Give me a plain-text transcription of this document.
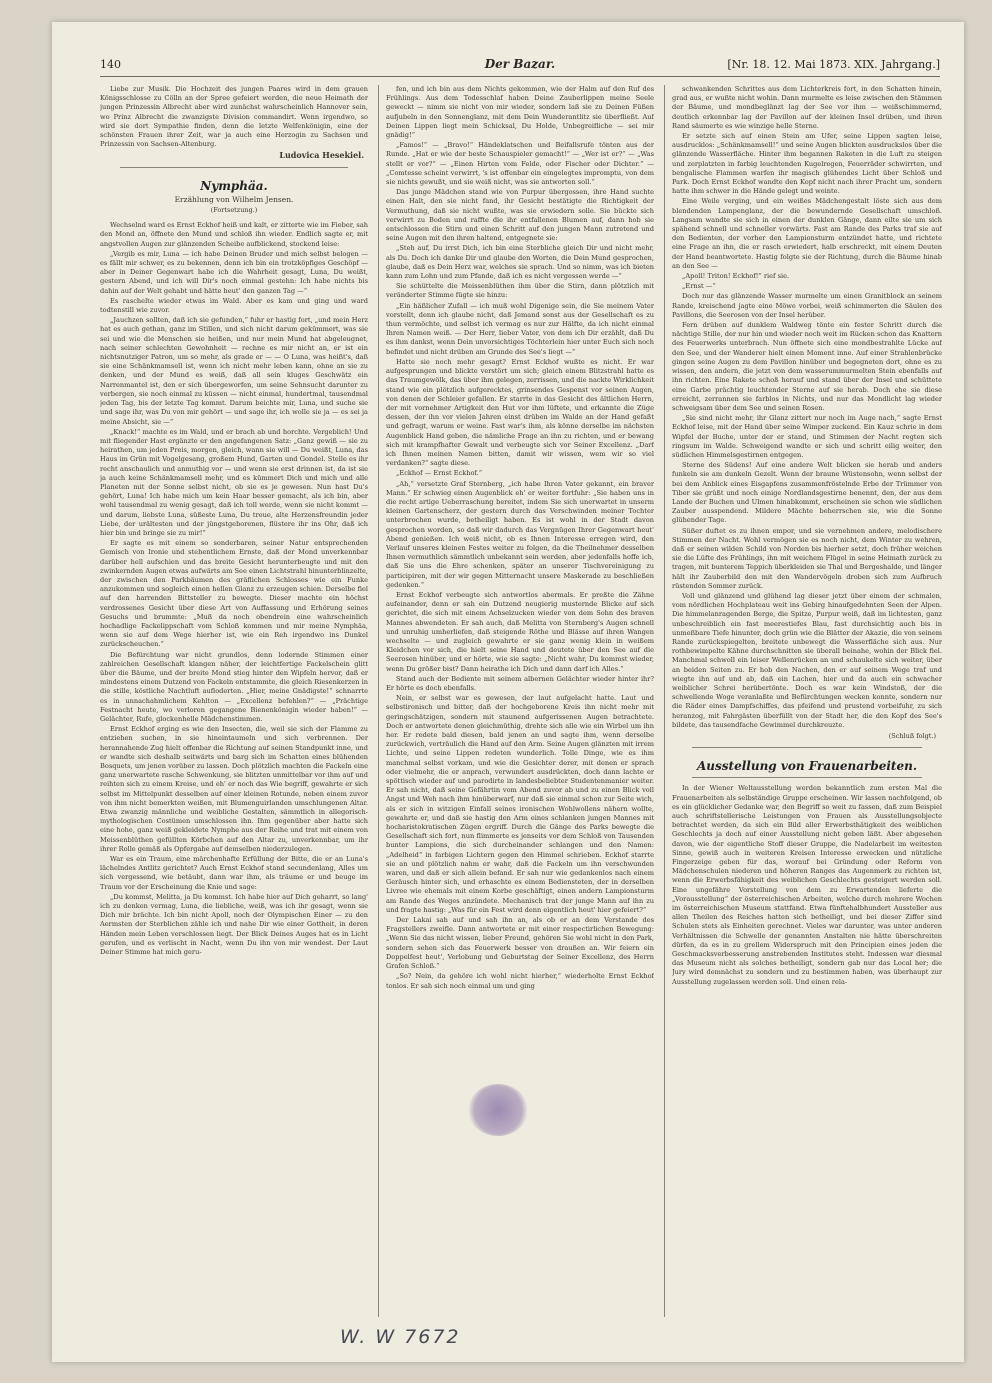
140	Der Bazar.	[Nr. 18. 12. Mai 1873. XIX. Jahrgang.]

Liebe zur Musik. Die Hochzeit des jungen Paares wird in dem grauen Königsschlosse zu Cölln an der Spree gefeiert werden, die neue Heimath der jungen Prinzessin Albrecht aber wird zunächst wahrscheinlich Hannover sein, wo Prinz Albrecht die zwanzigste Division commandirt. Wenn irgendwo, so wird sie dort Sympathie finden, denn die letzte Welfenkönigin, eine der schönsten Frauen ihrer Zeit, war ja auch eine Herzogin zu Sachsen und Prinzessin von Sachsen-Altenburg.

Ludovica Hesekiel.
Nymphäa.
Erzählung von Wilhelm Jensen.
(Fortsetzung.)

Wechselnd ward es Ernst Eckhof heiß und kalt, er zitterte wie im Fieber, sah den Mond an, öffnete den Mund und schloß ihn wieder. Endlich sagte er, mit angstvollen Augen zur glänzenden Scheibe aufblickend, stockend leise:

„Vergib es mir, Luna — ich habe Deinen Bruder und mich selbst belogen — es fällt mir schwer, es zu bekennen, denn ich bin ein trotzköpfiges Geschöpf — aber in Deiner Gegenwart habe ich die Wahrheit gesagt, Luna, Du weißt, gestern Abend, und ich will Dir's noch einmal gestehn: Ich habe nichts bis dahin auf der Welt gehabt und hätte heut' den ganzen Tag —“

Es raschelte wieder etwas im Wald. Aber es kam und ging und ward todtenstill wie zuvor.

„Jauchzen sollten, daß ich sie gefunden,“ fuhr er hastig fort, „und mein Herz hat es auch gethan, ganz im Stillen, und sich nicht darum gekümmert, was sie sei und wie die Menschen sie heißen, und nur mein Mund hat abgeleugnet, nach seiner schlechten Gewohnheit — rechne es mir nicht an, er ist ein nichtsnutziger Patron, um so mehr, als grade er — — O Luna, was heißt's, daß sie eine Schänkmamsell ist, wenn ich nicht mehr leben kann, ohne an sie zu denken, und der Mund es weiß, daß all sein kluges Geschwätz ein Narrenmantel ist, den er sich übergeworfen, um seine Sehnsucht darunter zu verbergen, sie noch einmal zu küssen — nicht einmal, hundertmal, tausendmal jeden Tag, bis der letzte Tag kommt. Darum beichte mir, Luna, und suche sie und sage ihr, was Du von mir gehört — und sage ihr, ich wolle sie ja — es sei ja meine Absicht, sie —“

„Knack!“ machte es im Wald, und er brach ab und horchte. Vergeblich! Und mit fliegender Hast ergänzte er den angefangenen Satz: „Ganz gewiß — sie zu heirathen, um jeden Preis, morgen, gleich, wann sie will — Du weißt, Luna, das Haus im Grün mit Vogelgesang, großem Hund, Garten und Gondel. Stelle es ihr recht anschaulich und anmuthig vor — und wenn sie erst drinnen ist, da ist sie ja auch keine Schänkmamsell mehr, und es kümmert Dich und mich und alle Planeten mit der Sonne selbst nicht, ob sie es je gewesen. Nun hast Du's gehört, Luna! Ich habe mich um kein Haar besser gemacht, als ich bin, aber wohl tausendmal zu wenig gesagt, daß ich toll werde, wenn sie nicht kommt — und darum, liebste Luna, süßeste Luna, Du treue, alte Herzensfreundin jeder Liebe, der urältesten und der jüngstgeborenen, flüstere ihr ins Ohr, daß ich hier bin und bringe sie zu mir!“

Er sagte es mit einem so sonderbaren, seiner Natur entsprechenden Gemisch von Ironie und stehentlichem Ernste, daß der Mond unverkennbar darüber hell aufschien und das breite Gesicht herunterbeugte und mit den zwinkernden Augen etwas aufwärts am See einen Lichtstrahl hinunterblinzelte, der zwischen den Parkbäumen des gräflichen Schlosses wie ein Funke anzukommen und sogleich einen hellen Glanz zu erzeugen schien. Derselbe fiel auf den harrenden Bittsteller zu bewegte. Dieser machte ein höchst verdrossenes Gesicht über diese Art von Auffassung und Erhörung seines Gesuchs und brummte: „Muß da noch obendrein eine wahrscheinlich hochadlige Fackelippschaft vom Schloß kommen und mir meine Nymphäa, wenn sie auf dem Wege hierher ist, wie ein Reh irgendwo ins Dunkel zurückscheuchen.“

Die Befürchtung war nicht grundlos, denn lodernde Stimmen einer zahlreichen Gesellschaft klangen näher, der leichtfertige Fackelschein glitt über die Bäume, und der breite Mond stieg hinter den Wipfeln hervor, daß er mindestens einem Dutzend von Fackeln entstammte, die gleich Riesenkerzen in die stille, köstliche Nachtluft aufloderten. „Hier, meine Gnädigste!“ schnarrte es in unnachahmlichem Kehlton — „Excellenz befehlen?“ — „Prächtige Festnacht heute, wo verloren gegangene Bienenkönigin wieder haben!“ — Gelächter, Rufe, glockenhelle Mädchenstimmen.

Ernst Eckhof erging es wie den Insecten, die, weil sie sich der Flamme zu entziehen suchen, in sie hineintaumeln und sich verbrennen. Der herannahende Zug hielt offenbar die Richtung auf seinen Standpunkt inne, und er wandte sich deshalb seitwärts und barg sich im Schatten eines blühenden Bosquets, um jenen vorüber zu lassen. Doch plötzlich machten die Fackeln eine ganz unerwartete rasche Schwenkung, sie blitzten unmittelbar vor ihm auf und reihten sich zu einem Kreise, und eh' er noch das Wie begriff, gewahrte er sich selbst im Mittelpunkt desselben auf einer kleinen Rotunde, neben einem zuvor von ihm nicht bemerkten weißen, mit Blumenguirlanden umschlungenen Altar. Etwa zwanzig männliche und weibliche Gestalten, sämmtlich in allegorisch-mythologischen Costümen umschlossen ihn. Ihm gegenüber aber hatte sich eine hohe, ganz weiß gekleidete Nymphe aus der Reihe und trat mit einem von Meissenblüthen gefüllten Körbchen auf den Altar zu, unverkennbar, um ihr ihrer Rolle gemäß als Opfergabe auf demselben niederzulegen.

War es ein Traum, eine märchenhafte Erfüllung der Bitte, die er an Luna's lächelndes Antlitz gerichtet? Auch Ernst Eckhof stand secundenlang, Alles um sich vergessend, wie betäubt, dann war ihm, als träume er und beuge im Traum vor der Erscheinung die Knie und sage:

„Du kommst, Melitta, ja Du kommst. Ich habe hier auf Dich geharrt, so lang' ich zu denken vermag, Luna, die liebliche, weiß, was ich ihr gesagt, wenn sie Dich mir brächte. Ich bin nicht Apoll, noch der Olympischen Einer — zu den Aermsten der Sterblichen zähle ich und nahe Dir wie einer Gottheit, in deren Händen mein Leben verschlossen liegt. Der Blick Deines Auges hat es in Licht gerufen, und es verlischt in Nacht, wenn Du ihn von mir wendest. Der Laut Deiner Stimme hat mich geru-

fen, und ich bin aus dem Nichts gekommen, wie der Halm auf den Ruf des Frühlings. Aus dem Todesschlaf haben Deine Zauberlippen meine Seele geweckt — nimm sie nicht von mir wieder, sondern laß sie zu Deinen Füßen aufjubeln in den Sonnenglanz, mit dem Dein Wunderantlitz sie überfließt. Auf Deinen Lippen liegt mein Schicksal, Du Holde, Unbegreifliche — sei mir gnädig!“

„Famos!“ — „Bravo!“ Händeklatschen und Beifallsrufe tönten aus der Runde. „Hat er wie der beste Schauspieler gemacht!“ — „Wer ist er?“ — „Was stellt er vor?“ — „Einen Hirten vom Felde, oder Fischer oder Dichter.“ — „Comtesse scheint verwirrt, 's ist offenbar ein eingelegtes impromptu, von dem sie nichts gewußt, und sie weiß nicht, was sie antworten soll.“

Das junge Mädchen stand wie von Purpur übergossen, ihre Hand suchte einen Halt, den sie nicht fand, ihr Gesicht bestätigte die Richtigkeit der Vermuthung, daß sie nicht wußte, was sie erwiedern solle. Sie bückte sich verwirrt zu Boden und raffte die ihr entfallenen Blumen auf, dann hob sie entschlossen die Stirn und einen Schritt auf den jungen Mann zutretend und seine Augen mit den ihren haltend, entgegnete sie:

„Steh auf, Du irrst Dich, ich bin eine Sterbliche gleich Dir und nicht mehr, als Du. Doch ich danke Dir und glaube den Worten, die Dein Mund gesprochen, glaube, daß es Dein Herz war, welches sie sprach. Und so nimm, was ich bieten kann zum Lohn und zum Pfande, daß ich es nicht vergessen werde —“

Sie schüttelte die Meissenblüthen ihm über die Stirn, dann plötzlich mit veränderter Stimme fügte sie hinzu:

„Ein häßlicher Zufall — ich muß wohl Digenige sein, die Sie meinem Vater vorstellt, denn ich glaube nicht, daß Jemand sonst aus der Gesellschaft es zu thun vermöchte, und selbst ich vermag es nur zur Hälfte, da ich nicht einmal Ihren Namen weiß. — Der Herr, lieber Vater, von dem ich Dir erzählt, daß Du es ihm dankst, wenn Dein unvorsichtiges Töchterlein hier unter Euch sich noch befindet und nicht drüben am Grunde des See's liegt —“

Hatte sie noch mehr gesagt? Ernst Eckhof wußte es nicht. Er war aufgesprungen und blickte verstört um sich; gleich einem Blitzstrahl hatte es das Traumgewölk, das über ihm gelegen, zerrissen, und die nackte Wirklichkeit stand wie ein plötzlich aufgerecktes, grinsendes Gespenst vor seinen Augen, von denen der Schleier gefallen. Er starrte in das Gesicht des ältlichen Herrn, der mit vornehmer Artigkeit den Hut vor ihm lüftete, und erkannte die Züge dessen, der ihn vor vielen Jahren einst drüben im Walde an der Hand gefaßt und gefragt, warum er weine. Fast war's ihm, als könne derselbe im nächsten Augenblick Hand geben, die nämliche Frage an ihn zu richten, und er bewang sich mit krampfhafter Gewalt und verbeugte sich vor Seiner Excellenz. „Darf ich Ihnen meinen Namen bitten, damit wir wissen, wem wir so viel verdanken?“ sagte diese.

„Eckhof — Ernst Eckhof.“

„Ah,“ versetzte Graf Sternberg, „ich habe Ihren Vater gekannt, ein braver Mann.“ Er schwieg einen Augenblick eh' er weiter fortfuhr: „Sie haben uns in die recht artige Ueberraschung bereitet, indem Sie sich unerwartet in unserm kleinen Gartenscherz, der gestern durch das Verschwinden meiner Tochter unterbrochen wurde, betheiligt haben. Es ist wohl in der Stadt davon gesprochen worden, so daß wir dadurch das Vergnügen Ihrer Gegenwart heut' Abend genießen. Ich weiß nicht, ob es Ihnen Interesse erregen wird, den Verlauf unseres kleinen Festes weiter zu folgen, da die Theilnehmer desselben Ihnen vermuthlich sämmtlich unbekannt sein werden, aber jedenfalls hoffe ich, daß Sie uns die Ehre schenken, später an unserer Tischvereinigung zu participiren, mit der wir gegen Mitternacht unsere Maskerade zu beschließen gedenken.“

Ernst Eckhof verbeugte sich antwortlos abermals. Er preßte die Zähne aufeinander, denn er sah ein Dutzend neugierig musternde Blicke auf sich gerichtet, die sich mit einem Achselzucken wieder von dem Sohn des braven Mannes abwendeten. Er sah auch, daß Melitta von Sternberg's Augen schnell und unruhig umherliefen, daß steigende Röthe und Blässe auf ihren Wangen wechselte — und zugleich gewahrte er sie ganz wenig klein in weißem Kleidchen vor sich, die hielt seine Hand und deutete über den See auf die Seerosen hinüber, und er hörte, wie sie sagte: „Nicht wahr, Du kommst wieder, wenn Du größer bist? Dann heirathe ich Dich und dann darf ich Alles.“

Stand auch der Bediente mit seinem albernen Gelächter wieder hinter ihr? Er hörte es doch ebenfalls.

Nein, er selbst war es gewesen, der laut aufgelacht hatte. Laut und selbstironisch und bitter, daß der hochgeborene Kreis ihn nicht mehr mit geringschätzigen, sondern mit staunend aufgerissenen Augen betrachtete. Doch er antwortete denen gleichmüthig, drehte sich alle wie ein Wirbel um ihn her. Er redete bald diesen, bald jenen an und sagte ihm, wenn derselbe zurückwich, verträulich die Hand auf den Arm. Seine Augen glänzten mit irrem Lichte, und seine Lippen redeten wunderlich. Tolle Dinge, wie es ihm manchmal selbst vorkam, und wie die Gesichter derer, mit denen er sprach oder vielmehr, die er anprach, verwundert ausdrückten, doch dann lachte er spöttisch wieder auf und parodirte in landesbeliebter Studentenmanier weiter. Er sah nicht, daß seine Gefährtin vom Abend zuvor ab und zu einen Blick voll Angst und Weh nach ihm hinüberwarf, nur daß sie einmal schon zur Seite wich, als er sich in witzigen Einfall seines ironischen Wohlwollens nähern wollte, gewahrte er, und daß sie hastig den Arm eines schlanken jungen Mannes mit hocharistokratischen Zügen ergriff. Durch die Gänge des Parks bewegte die Gesellschaft sich fort, nun flimmerte es jenseits vor dem Schloß von Tausenden bunter Lampions, die sich durcheinander schlangen und den Namen: „Adelheid“ in farbigen Lichtern gegen den Himmel schrieben. Eckhof starrte sie an und plötzlich nahm er wahr, daß die Fackeln um ihn verschwunden waren, und daß er sich allein befand. Er sah nur wie gedankenlos nach einem Geräusch hinter sich, und erhaschte es einem Bediensteten, der in derselben Livree wie ehemals mit einem Korbe geschäftigt, einen andern Lampionsturm am Rande des Weges anzündete. Mechanisch trat der junge Mann auf ihn zu und fragte hastig: „Was für ein Fest wird denn eigentlich heut' hier gefeiert?“

Der Lakai sah auf und sah ihn an, als ob er an dem Verstande des Fragstellers zweifle. Dann antwortete er mit einer respectirlichen Bewegung: „Wenn Sie das nicht wissen, lieber Freund, gehören Sie wohl nicht in den Park, sondern sehen sich das Feuerwerk besser von draußen an. Wir feiern ein Doppelfest heut', Verlobung und Geburtstag der Seiner Excellenz, des Herrn Grafen Schloß.“

„So? Nein, da gehöre ich wohl nicht hierher,“ wiederholte Ernst Eckhof tonlos. Er sah sich noch einmal um und ging

schwankenden Schrittes aus dem Lichterkreis fort, in den Schatten hinein, grad aus, er wußte nicht wohin. Dann murmelte es leise zwischen den Stämmen der Bäume, und mondbeglänzt lag der See vor ihm — weißschimmernd, deutlich erkennbar lag der Pavillon auf der kleinen Insel drüben, und ihren Rand säumerte es wie winzige helle Sterne.

Er setzte sich auf einen Stein am Ufer, seine Lippen sagten leise, ausdrucklos: „Schänkmamsell!“ und seine Augen blickten ausdruckslos über die glänzende Wasserfläche. Hinter ihm begannen Raketen in die Luft zu steigen und zerplatzten in farbig leuchtenden Kugelregen, Feuerräder schwirrten, und bengalische Flammen warfen ihr magisch glühendes Licht über Schloß und Park. Doch Ernst Eckhof wandte den Kopf nicht nach ihrer Pracht um, sondern hatte ihm schwer in die Hände gelegt und weinte.

Eine Weile verging, und ein weißes Mädchengestalt löste sich aus dem blendenden Lampenglanz, der die bewundernde Gesellschaft umschloß. Langsam wandte sie sich in einen der dunklen Gänge, dann eilte sie um sich spähend schnell und schneller vorwärts. Fast am Rande des Parks traf sie auf den Bedienten, der vorher den Lampionsturm entzündet hatte, und richtete eine Frage an ihn, die er rasch erwiedert, halb erschreckt, mit einem Deuten der Hand beantwortete. Hastig folgte sie der Richtung, durch die Bäume hinab an den See —

„Apoll! Triton! Eckhof!“ rief sie.

„Ernst —“

Doch nur das glänzende Wasser murmelte um einen Granitblock an seinem Rande, kreischend jagte eine Möwe vorbei, weiß schimmerten die Säulen des Pavillons, die Seerosen von der Insel herüber.

Fern drüben auf dunklem Waldweg tönte ein fester Schritt durch die nächtige Stille, der nur hin und wieder noch weit im Rücken schon das Knattern des Feuerwerks unterbrach. Nun öffnete sich eine mondbestrahlte Lücke auf den See, und der Wanderer hielt einen Moment inne. Auf einer Strahlenbrücke gingen seine Augen zu dem Pavillon hinüber und begegneten dort, ohne es zu wissen, den andern, die jetzt von dem wasserummurmelten Stein ebenfalls auf ihn richten. Eine Rakete schoß herauf und stand über der Insel und schüttete eine Garbe prächtig leuchtender Sterne auf sie herab. Doch ehe sie diese erreicht, zerrannen sie farblos in Nichts, und nur das Mondlicht lag wieder schweigsam über dem See und seinen Rosen.

„Sie sind nicht mehr, ihr Glanz zittert nur noch im Auge nach,“ sagte Ernst Eckhof leise, mit der Hand über seine Wimper zuckend. Ein Kauz schrie in dem Wipfel der Buche, unter der er stand, und Stimmen der Nacht regten sich ringsum im Walde. Schweigend wandte er sich und schritt eilig weiter, den südlichen Himmelsgestirnen entgegen.

Sterne des Südens! Auf eine andere Welt blicken sie herab und anders funkeln sie am dunkeln Gezelt. Wenn der braune Wüstensohn, wenn selbst der bei dem Anblick eines Eisgapfens zusammenfröstelnde Erbe der Trümmer von Tiber sie grüßt und noch einige Nordlandsgestirne benennt, den, der aus dem Lande der Buchen und Ulmen hinabkommt, erscheinen sie schon wie südlichen Zauber ausspendend. Mildere Mächte beherrschen sie, wie die Sonne glühender Tage.

Süßer duftet es zu ihnen empor, und sie vernehmen andere, melodischere Stimmen der Nacht. Wohl vermögen sie es noch nicht, dem Winter zu wehren, daß er seinen wilden Schild von Norden bis hierher setzt, doch früher weichen sie die Lüfte des Frühlings, ihn mit weichem Flügel in seine Heimath zurück zu tragen, mit bunterem Teppich überkleiden sie Thal und Bergeshalde, und länger hält ihr Zauberbild den mit den Wandervögeln droben sich zum Aufbruch rüstenden Sommer zurück.

Voll und glänzend und glühend lag dieser jetzt über einem der schmalen, vom nördlichen Hochplateau weit ins Gebirg hinaufgedehnten Seen der Alpen. Die himmelanragenden Berge, die Spitze, Purpur weiß, daß im lichtesten, ganz unbeschreiblich ein fast meerestiefes Blau, fast durchsichtig auch bis in unmeßbare Tiefe hinunter, doch grün wie die Blätter der Akazie, die von seinem Rande zurückspiegelten, breitete unbewegt die Wasserfläche sich aus. Nur rothbewimpelte Kähne durchschnitten sie überall beinahe, wohin der Blick fiel. Manchmal schwoll ein leiser Wellenrücken an und schaukelte sich weiter, über an beiden Seiten zu. Er hob den Nachen, den er auf seinem Wege traf und wiegte ihn auf und ab, daß ein Lachen, hier und da auch ein schwacher weiblicher Schrei herübertönte. Doch es war kein Windstoß, der die schwellende Woge veranlaßte und Befürchtungen wecken konnte, sondern nur die Räder eines Dampfschiffes, das pfeifend und prustend vorbeifuhr, zu sich heranzog, mit Fahrgästen überfüllt von der Stadt her, die den Kopf des See's bildete, das tausendfache Gewimmel durchkreuzte.

(Schluß folgt.)
Ausstellung von Frauenarbeiten.

In der Wiener Weltausstellung werden bekanntlich zum ersten Mal die Frauenarbeiten als selbständige Gruppe erscheinen. Wir lassen nachfolgend, ob es ein glücklicher Gedanke war, den Begriff so weit zu fassen, daß zum Beispiel auch schriftstellerische Leistungen von Frauen als Ausstellungsobjecte betrachtet werden, da sich ein Bild aller Erwerbsthätigkeit des weiblichen Geschlechts ja doch auf einer Ausstellung nicht geben läßt. Aber abgesehen davon, wie der eigentliche Stoff dieser Gruppe, die Nadelarbeit im weitesten Sinne, gewiß auch in weiteren Kreisen Interesse erwecken und nützliche Fingerzeige geben für das, worauf bei Gründung oder Reform von Mädchenschulen niederen und höheren Ranges das Augenmerk zu richten ist, wenn die Erwerbsfähigkeit des weiblichen Geschlechts gesteigert werden soll. Eine ungefähre Vorstellung von dem zu Erwartenden lieferte die „Vorausstellung“ der österreichischen Arbeiten, welche durch mehrere Wochen im österreichischen Museum stattfand. Etwa fünftehalbhundert Aussteller aus allen Theilen des Reiches hatten sich betheiligt, und bei dieser Ziffer sind Schulen stets als Einheiten gerechnet. Vieles war darunter, was unter anderen Verhältnissen die Schwelle der genannten Anstalten nie hätte überschreiten dürfen, da es in zu grellem Widerspruch mit den Principien eines jeden die Geschmacksverbesserung anstrebenden Institutes steht. Indessen war diesmal das Museum nicht als solches betheiligt, sondern gab nur das Local her; die Jury wird demnächst zu sondern und zu bestimmen haben, was überhaupt zur Ausstellung zugelassen werden soll. Und einen rela-

W. W 7672
